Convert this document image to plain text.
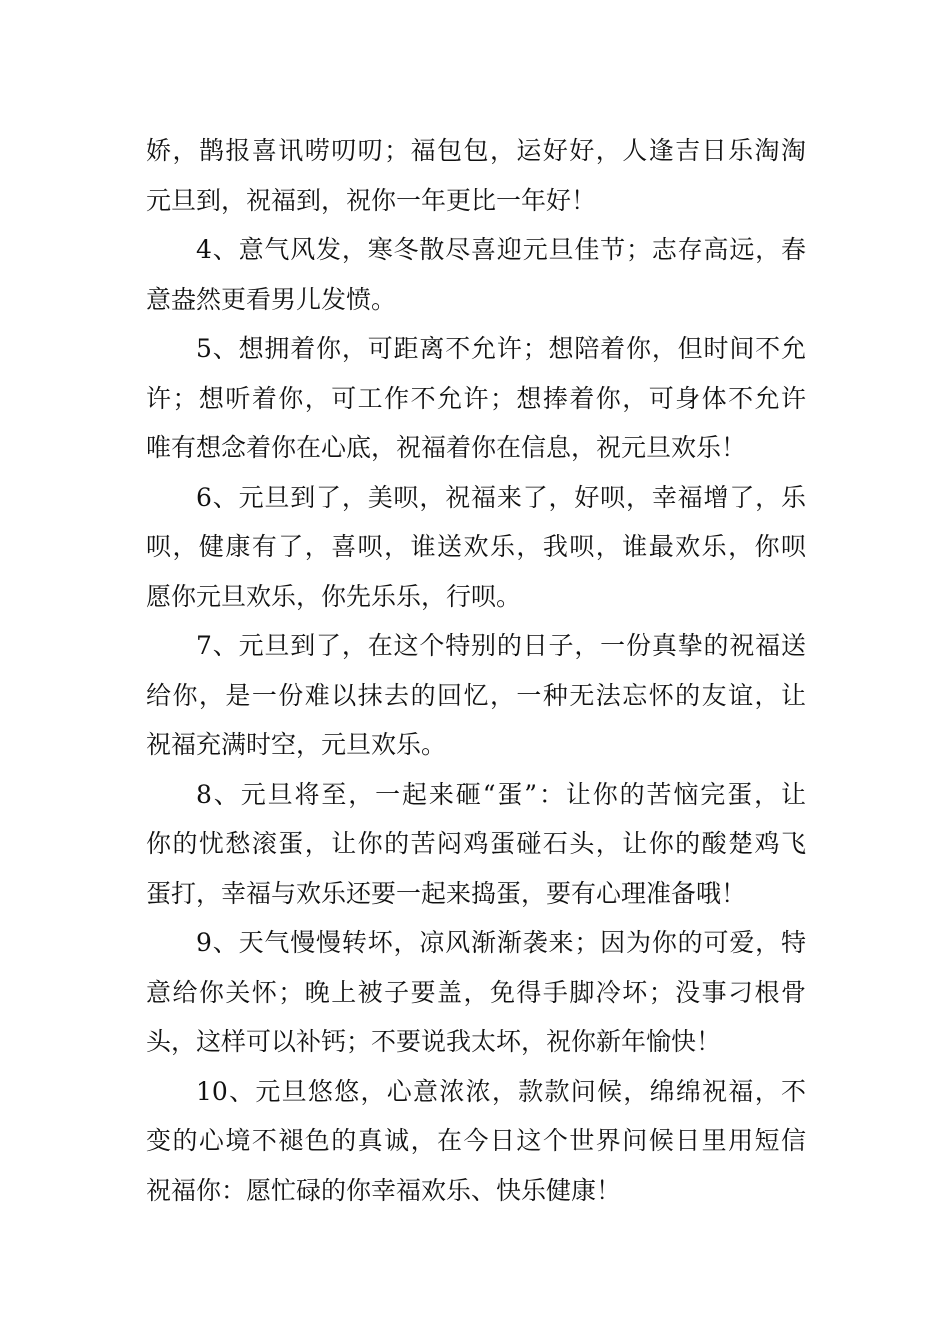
娇，鹊报喜讯唠叨叨；福包包，运好好，人逢吉日乐淘淘
元旦到，祝福到，祝你一年更比一年好！
4、意气风发，寒冬散尽喜迎元旦佳节；志存高远，春
意盎然更看男儿发愤。
5、想拥着你，可距离不允许；想陪着你，但时间不允
许；想听着你，可工作不允许；想捧着你，可身体不允许
唯有想念着你在心底，祝福着你在信息，祝元旦欢乐！
6、元旦到了，美呗，祝福来了，好呗，幸福增了，乐
呗，健康有了，喜呗，谁送欢乐，我呗，谁最欢乐，你呗
愿你元旦欢乐，你先乐乐，行呗。
7、元旦到了，在这个特别的日子，一份真挚的祝福送
给你，是一份难以抹去的回忆，一种无法忘怀的友谊，让
祝福充满时空，元旦欢乐。
8、元旦将至，一起来砸“蛋”：让你的苦恼完蛋，让
你的忧愁滚蛋，让你的苦闷鸡蛋碰石头，让你的酸楚鸡飞
蛋打，幸福与欢乐还要一起来捣蛋，要有心理准备哦！
9、天气慢慢转坏，凉风渐渐袭来；因为你的可爱，特
意给你关怀；晚上被子要盖，免得手脚冷坏；没事刁根骨
头，这样可以补钙；不要说我太坏，祝你新年愉快！
10、元旦悠悠，心意浓浓，款款问候，绵绵祝福，不
变的心境不褪色的真诚，在今日这个世界问候日里用短信
祝福你：愿忙碌的你幸福欢乐、快乐健康！
